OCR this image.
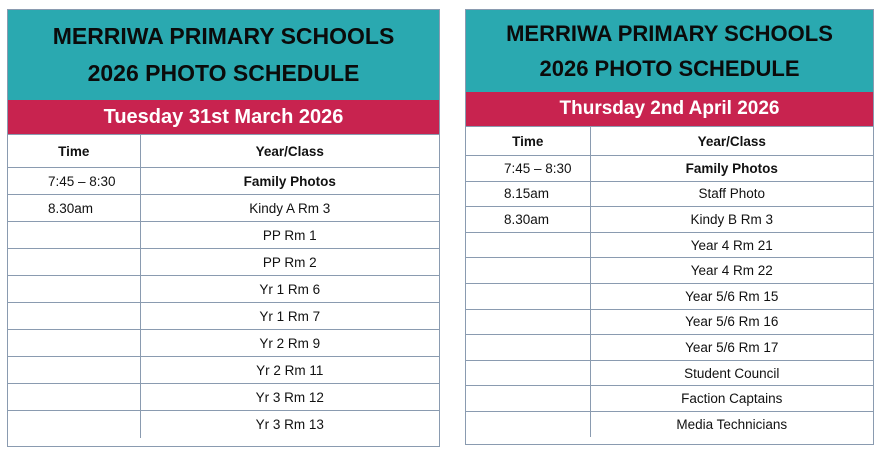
MERRIWA PRIMARY SCHOOLS
2026 PHOTO SCHEDULE
Tuesday 31st March 2026
Time	Year/Class
7:45 – 8:30	Family Photos
8.30am	Kindy A Rm 3
	PP Rm 1
	PP Rm 2
	Yr 1 Rm 6
	Yr 1 Rm 7
	Yr 2 Rm 9
	Yr 2 Rm 11
	Yr 3 Rm 12
	Yr 3 Rm 13
MERRIWA PRIMARY SCHOOLS
2026 PHOTO SCHEDULE
Thursday 2nd April 2026
Time	Year/Class
7:45 – 8:30	Family Photos
8.15am	Staff Photo
8.30am	Kindy B Rm 3
	Year 4 Rm 21
	Year 4 Rm 22
	Year 5/6 Rm 15
	Year 5/6 Rm 16
	Year 5/6 Rm 17
	Student Council
	Faction Captains
	Media Technicians
